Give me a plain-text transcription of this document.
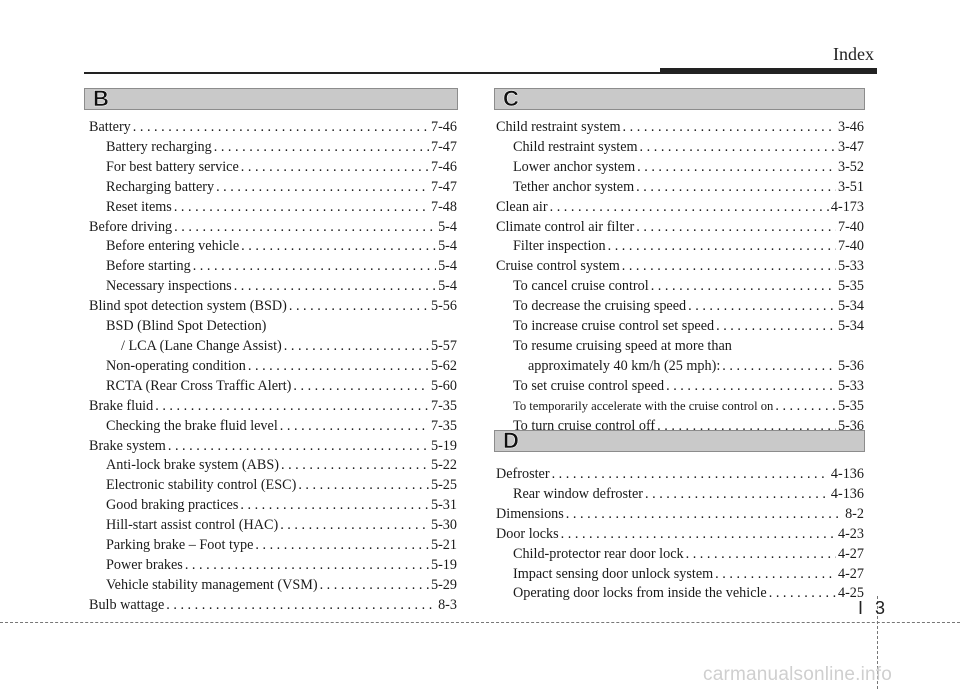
Index
B	C
D
Battery . . .	7-46
Battery recharging . . .	7-47
For best battery service . . .	7-46
Recharging battery . . .	7-47
Reset items . . .	7-48
Before driving . . .	5-4
Before entering vehicle . . .	5-4
Before starting . . .	5-4
Necessary inspections . . .	5-4
Blind spot detection system (BSD) . . .	5-56
BSD (Blind Spot Detection)
/ LCA (Lane Change Assist) . . .	5-57
Non-operating condition . . .	5-62
RCTA (Rear Cross Traffic Alert) . . .	5-60
Brake fluid . . .	7-35
Checking the brake fluid level . . .	7-35
Brake system . . .	5-19
Anti-lock brake system (ABS) . . .	5-22
Electronic stability control (ESC) . . .	5-25
Good braking practices . . .	5-31
Hill-start assist control (HAC) . . .	5-30
Parking brake – Foot type . . .	5-21
Power brakes . . .	5-19
Vehicle stability management (VSM) . . .	5-29
Bulb wattage . . .	8-3
Child restraint system . . .	3-46
Child restraint system . . .	3-47
Lower anchor system . . .	3-52
Tether anchor system . . .	3-51
Clean air . . .	4-173
Climate control air filter . . .	7-40
Filter inspection . . .	7-40
Cruise control system . . .	5-33
To cancel cruise control . . .	5-35
To decrease the cruising speed . . .	5-34
To increase cruise control set speed . . .	5-34
To resume cruising speed at more than
approximately 40 km/h (25 mph): . . .	5-36
To set cruise control speed . . .	5-33
To temporarily accelerate with the cruise control on . . .	5-35
To turn cruise control off . . .	5-36
Defroster . . .	4-136
Rear window defroster . . .	4-136
Dimensions . . .	8-2
Door locks . . .	4-23
Child-protector rear door lock . . .	4-27
Impact sensing door unlock system . . .	4-27
Operating door locks from inside the vehicle . . .	4-25
I 3
carmanualsonline.info
